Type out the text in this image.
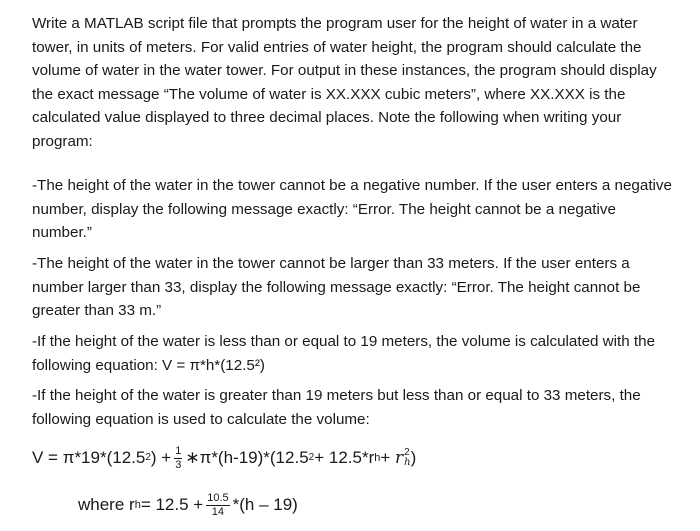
Write a MATLAB script file that prompts the program user for the height of water in a water tower, in units of meters. For valid entries of water height, the program should calculate the volume of water in the water tower. For output in these instances, the program should display the exact message “The volume of water is XX.XXX cubic meters”, where XX.XXX is the calculated value displayed to three decimal places. Note the following when writing your program:

-The height of the water in the tower cannot be a negative number. If the user enters a negative number, display the following message exactly: “Error. The height cannot be a negative number.”

-The height of the water in the tower cannot be larger than 33 meters. If the user enters a number larger than 33, display the following message exactly: “Error. The height cannot be greater than 33 m.”

-If the height of the water is less than or equal to 19 meters, the volume is calculated with the following equation: V = π*h*(12.5²)

-If the height of the water is greater than 19 meters but less than or equal to 33 meters, the following equation is used to calculate the volume:

V = π*19*(12.5 2 ) + $\frac{1}{3}$ ∗π*(h-19)*(12.5 2 + 12.5*r h +
r 2
h )
where r $h = 12.5 + \frac{10.5}{14} *(h - 19)$
